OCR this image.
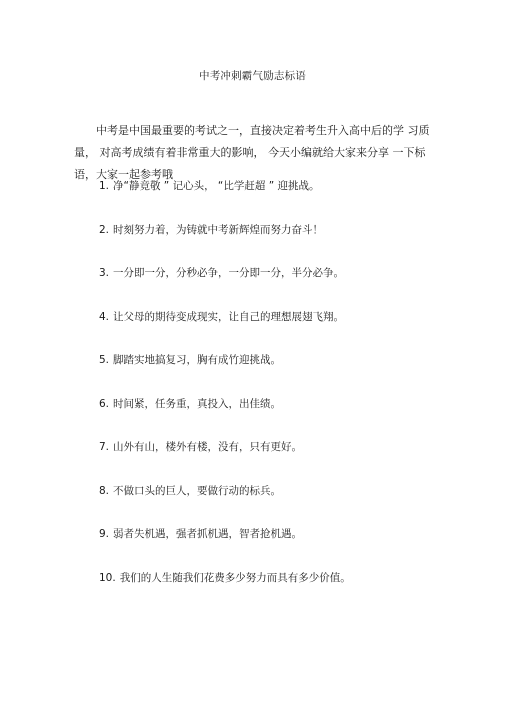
中考冲刺霸气励志标语

中考是中国最重要的考试之一，直接决定着考生升入高中后的学 习质量， 对高考成绩有着非常重大的影响， 今天小编就给大家来分享 一下标语，大家一起参考哦

1. 净“静竟敬 ” 记心头， “比学赶超 ” 迎挑战。
2. 时刻努力着，为铸就中考新辉煌而努力奋斗！
3. 一分即一分，分秒必争，一分即一分，半分必争。
4. 让父母的期待变成现实，让自己的理想展翅飞翔。
5. 脚踏实地搞复习，胸有成竹迎挑战。
6. 时间紧，任务重，真投入，出佳绩。
7. 山外有山，楼外有楼，没有，只有更好。
8. 不做口头的巨人，要做行动的标兵。
9. 弱者失机遇，强者抓机遇，智者抢机遇。
10. 我们的人生随我们花费多少努力而具有多少价值。
